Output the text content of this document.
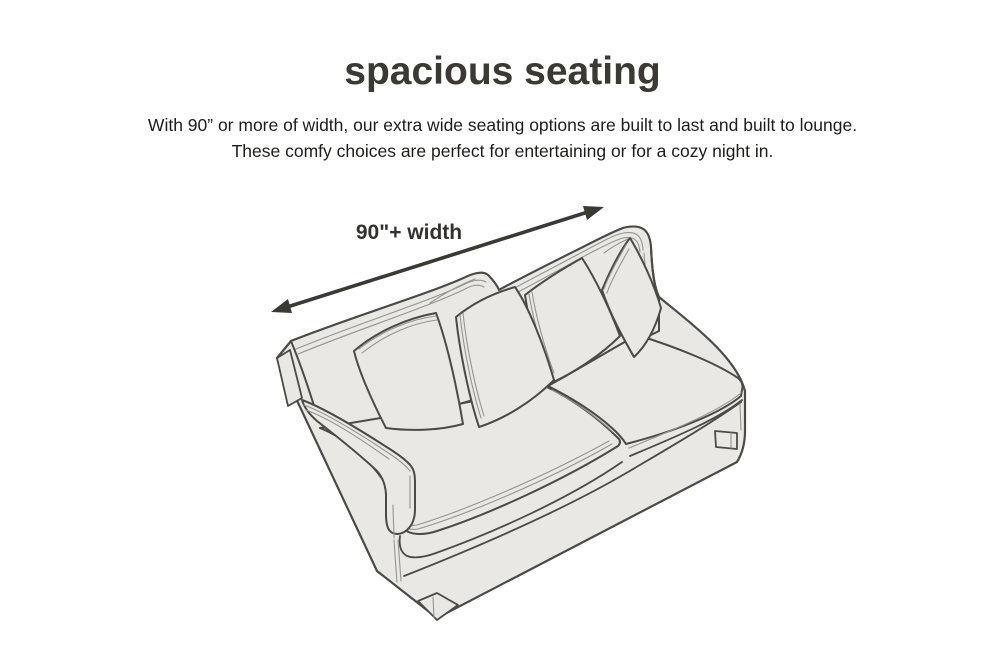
spacious seating

With 90” or more of width, our extra wide seating options are built to last and built to lounge.
These comfy choices are perfect for entertaining or for a cozy night in.

90"+ width
